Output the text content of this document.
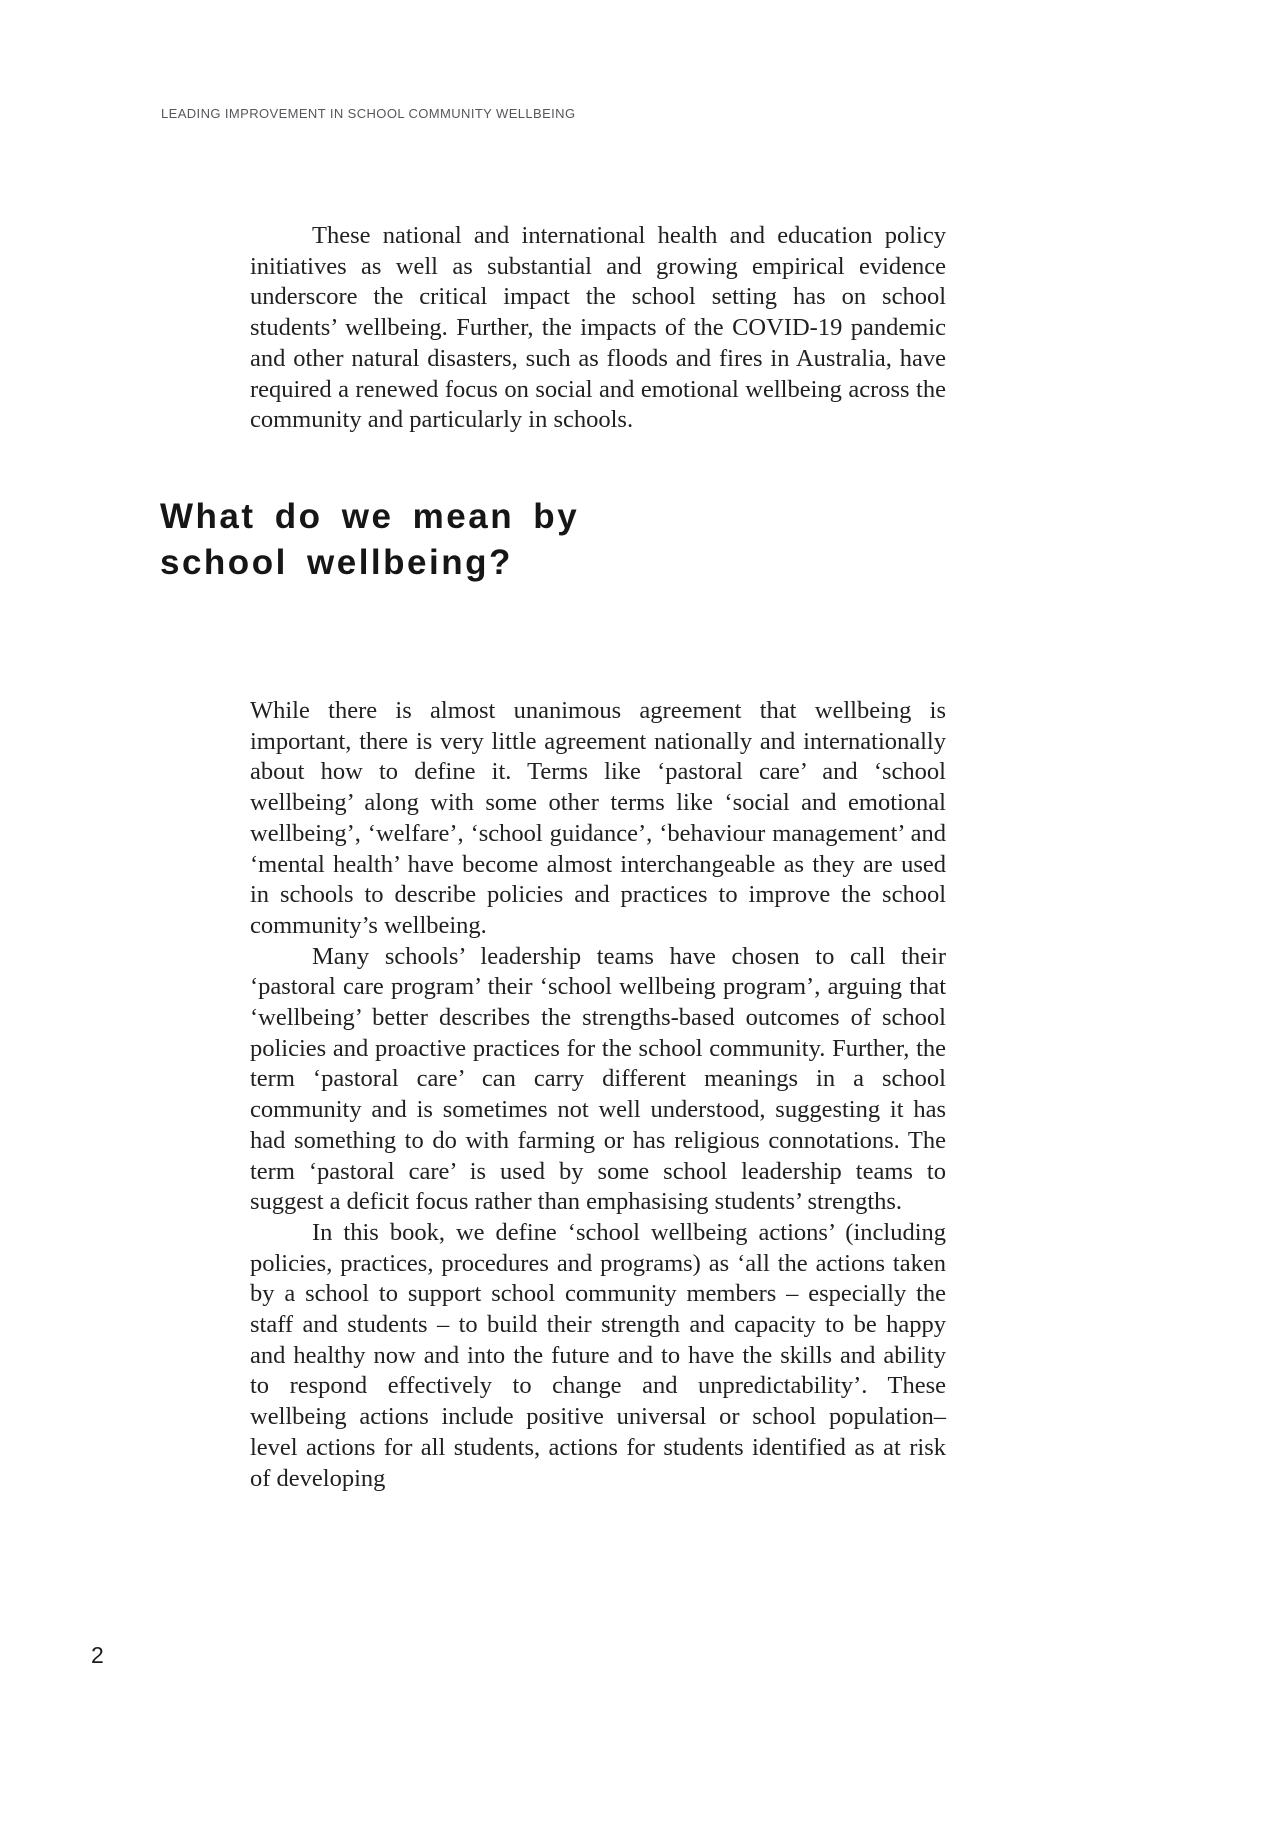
LEADING IMPROVEMENT IN SCHOOL COMMUNITY WELLBEING

These national and international health and education policy initiatives as well as substantial and growing empirical evidence underscore the critical impact the school setting has on school students’ wellbeing. Further, the impacts of the COVID-19 pandemic and other natural disasters, such as floods and fires in Australia, have required a renewed focus on social and emotional wellbeing across the community and particularly in schools.

What do we mean by
school wellbeing?

While there is almost unanimous agreement that wellbeing is important, there is very little agreement nationally and internationally about how to define it. Terms like ‘pastoral care’ and ‘school wellbeing’ along with some other terms like ‘social and emotional wellbeing’, ‘welfare’, ‘school guidance’, ‘behaviour management’ and ‘mental health’ have become almost interchangeable as they are used in schools to describe policies and practices to improve the school community’s wellbeing.

Many schools’ leadership teams have chosen to call their ‘pastoral care program’ their ‘school wellbeing program’, arguing that ‘wellbeing’ better describes the strengths-based outcomes of school policies and proactive practices for the school community. Further, the term ‘pastoral care’ can carry different meanings in a school community and is sometimes not well understood, suggesting it has had something to do with farming or has religious connotations. The term ‘pastoral care’ is used by some school leadership teams to suggest a deficit focus rather than emphasising students’ strengths.

In this book, we define ‘school wellbeing actions’ (including policies, practices, procedures and programs) as ‘all the actions taken by a school to support school community members – especially the staff and students – to build their strength and capacity to be happy and healthy now and into the future and to have the skills and ability to respond effectively to change and unpredictability’. These wellbeing actions include positive universal or school population–level actions for all students, actions for students identified as at risk of developing

2
